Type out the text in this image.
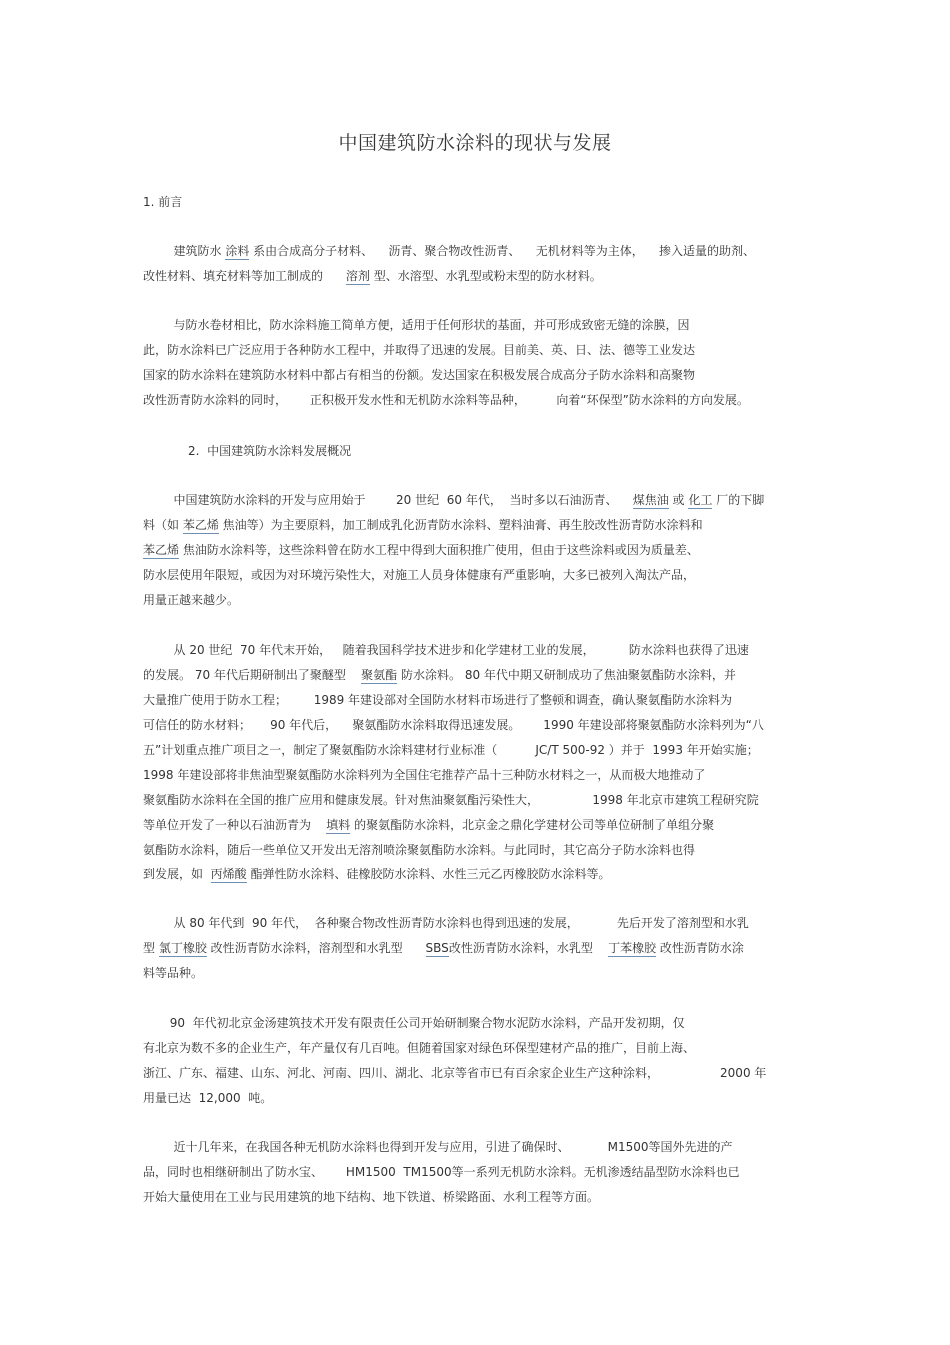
中国建筑防水涂料的现状与发展
1. 前言
建筑防水 涂料 系由合成高分子材料、    沥青、聚合物改性沥青、    无机材料等为主体，    掺入适量的助剂、
改性材料、填充材料等加工制成的      溶剂 型、水溶型、水乳型或粉末型的防水材料。
与防水卷材相比，防水涂料施工简单方便，适用于任何形状的基面，并可形成致密无缝的涂膜，因
此，防水涂料已广泛应用于各种防水工程中，并取得了迅速的发展。目前美、英、日、法、德等工业发达
国家的防水涂料在建筑防水材料中都占有相当的份额。发达国家在积极发展合成高分子防水涂料和高聚物
改性沥青防水涂料的同时，      正积极开发水性和无机防水涂料等品种，        向着“环保型”防水涂料的方向发展。
2.  中国建筑防水涂料发展概况
中国建筑防水涂料的开发与应用始于        20 世纪  60 年代，  当时多以石油沥青、    煤焦油 或 化工 厂的下脚
料（如 苯乙烯 焦油等）为主要原料，加工制成乳化沥青防水涂料、塑料油膏、再生胶改性沥青防水涂料和
苯乙烯 焦油防水涂料等，这些涂料曾在防水工程中得到大面积推广使用，但由于这些涂料或因为质量差、
防水层使用年限短，或因为对环境污染性大，对施工人员身体健康有严重影响，大多已被列入淘汰产品，
用量正越来越少。
从 20 世纪  70 年代末开始，   随着我国科学技术进步和化学建材工业的发展，         防水涂料也获得了迅速
的发展。 70 年代后期研制出了聚醚型    聚氨酯 防水涂料。 80 年代中期又研制成功了焦油聚氨酯防水涂料，并
大量推广使用于防水工程；       1989 年建设部对全国防水材料市场进行了整顿和调查，确认聚氨酯防水涂料为
可信任的防水材料；     90 年代后，    聚氨酯防水涂料取得迅速发展。      1990 年建设部将聚氨酯防水涂料列为“八
五”计划重点推广项目之一，制定了聚氨酯防水涂料建材行业标准（          JC/T 500-92 ）并于  1993 年开始实施；
1998 年建设部将非焦油型聚氨酯防水涂料列为全国住宅推荐产品十三种防水材料之一，从而极大地推动了
聚氨酯防水涂料在全国的推广应用和健康发展。针对焦油聚氨酯污染性大，              1998 年北京市建筑工程研究院
等单位开发了一种以石油沥青为    填料 的聚氨酯防水涂料，北京金之鼎化学建材公司等单位研制了单组分聚
氨酯防水涂料，随后一些单位又开发出无溶剂喷涂聚氨酯防水涂料。与此同时，其它高分子防水涂料也得
到发展，如  丙烯酸 酯弹性防水涂料、硅橡胶防水涂料、水性三元乙丙橡胶防水涂料等。
从 80 年代到  90 年代，  各种聚合物改性沥青防水涂料也得到迅速的发展，          先后开发了溶剂型和水乳
型 氯丁橡胶 改性沥青防水涂料，溶剂型和水乳型      SBS改性沥青防水涂料，水乳型    丁苯橡胶 改性沥青防水涂
料等品种。
90  年代初北京金汤建筑技术开发有限责任公司开始研制聚合物水泥防水涂料，产品开发初期，仅
有北京为数不多的企业生产，年产量仅有几百吨。但随着国家对绿色环保型建材产品的推广，目前上海、
浙江、广东、福建、山东、河北、河南、四川、湖北、北京等省市已有百余家企业生产这种涂料，                2000 年
用量已达  12,000  吨。
近十几年来，在我国各种无机防水涂料也得到开发与应用，引进了确保时、          M1500等国外先进的产
品，同时也相继研制出了防水宝、      HM1500  TM1500等一系列无机防水涂料。无机渗透结晶型防水涂料也已
开始大量使用在工业与民用建筑的地下结构、地下铁道、桥梁路面、水利工程等方面。
